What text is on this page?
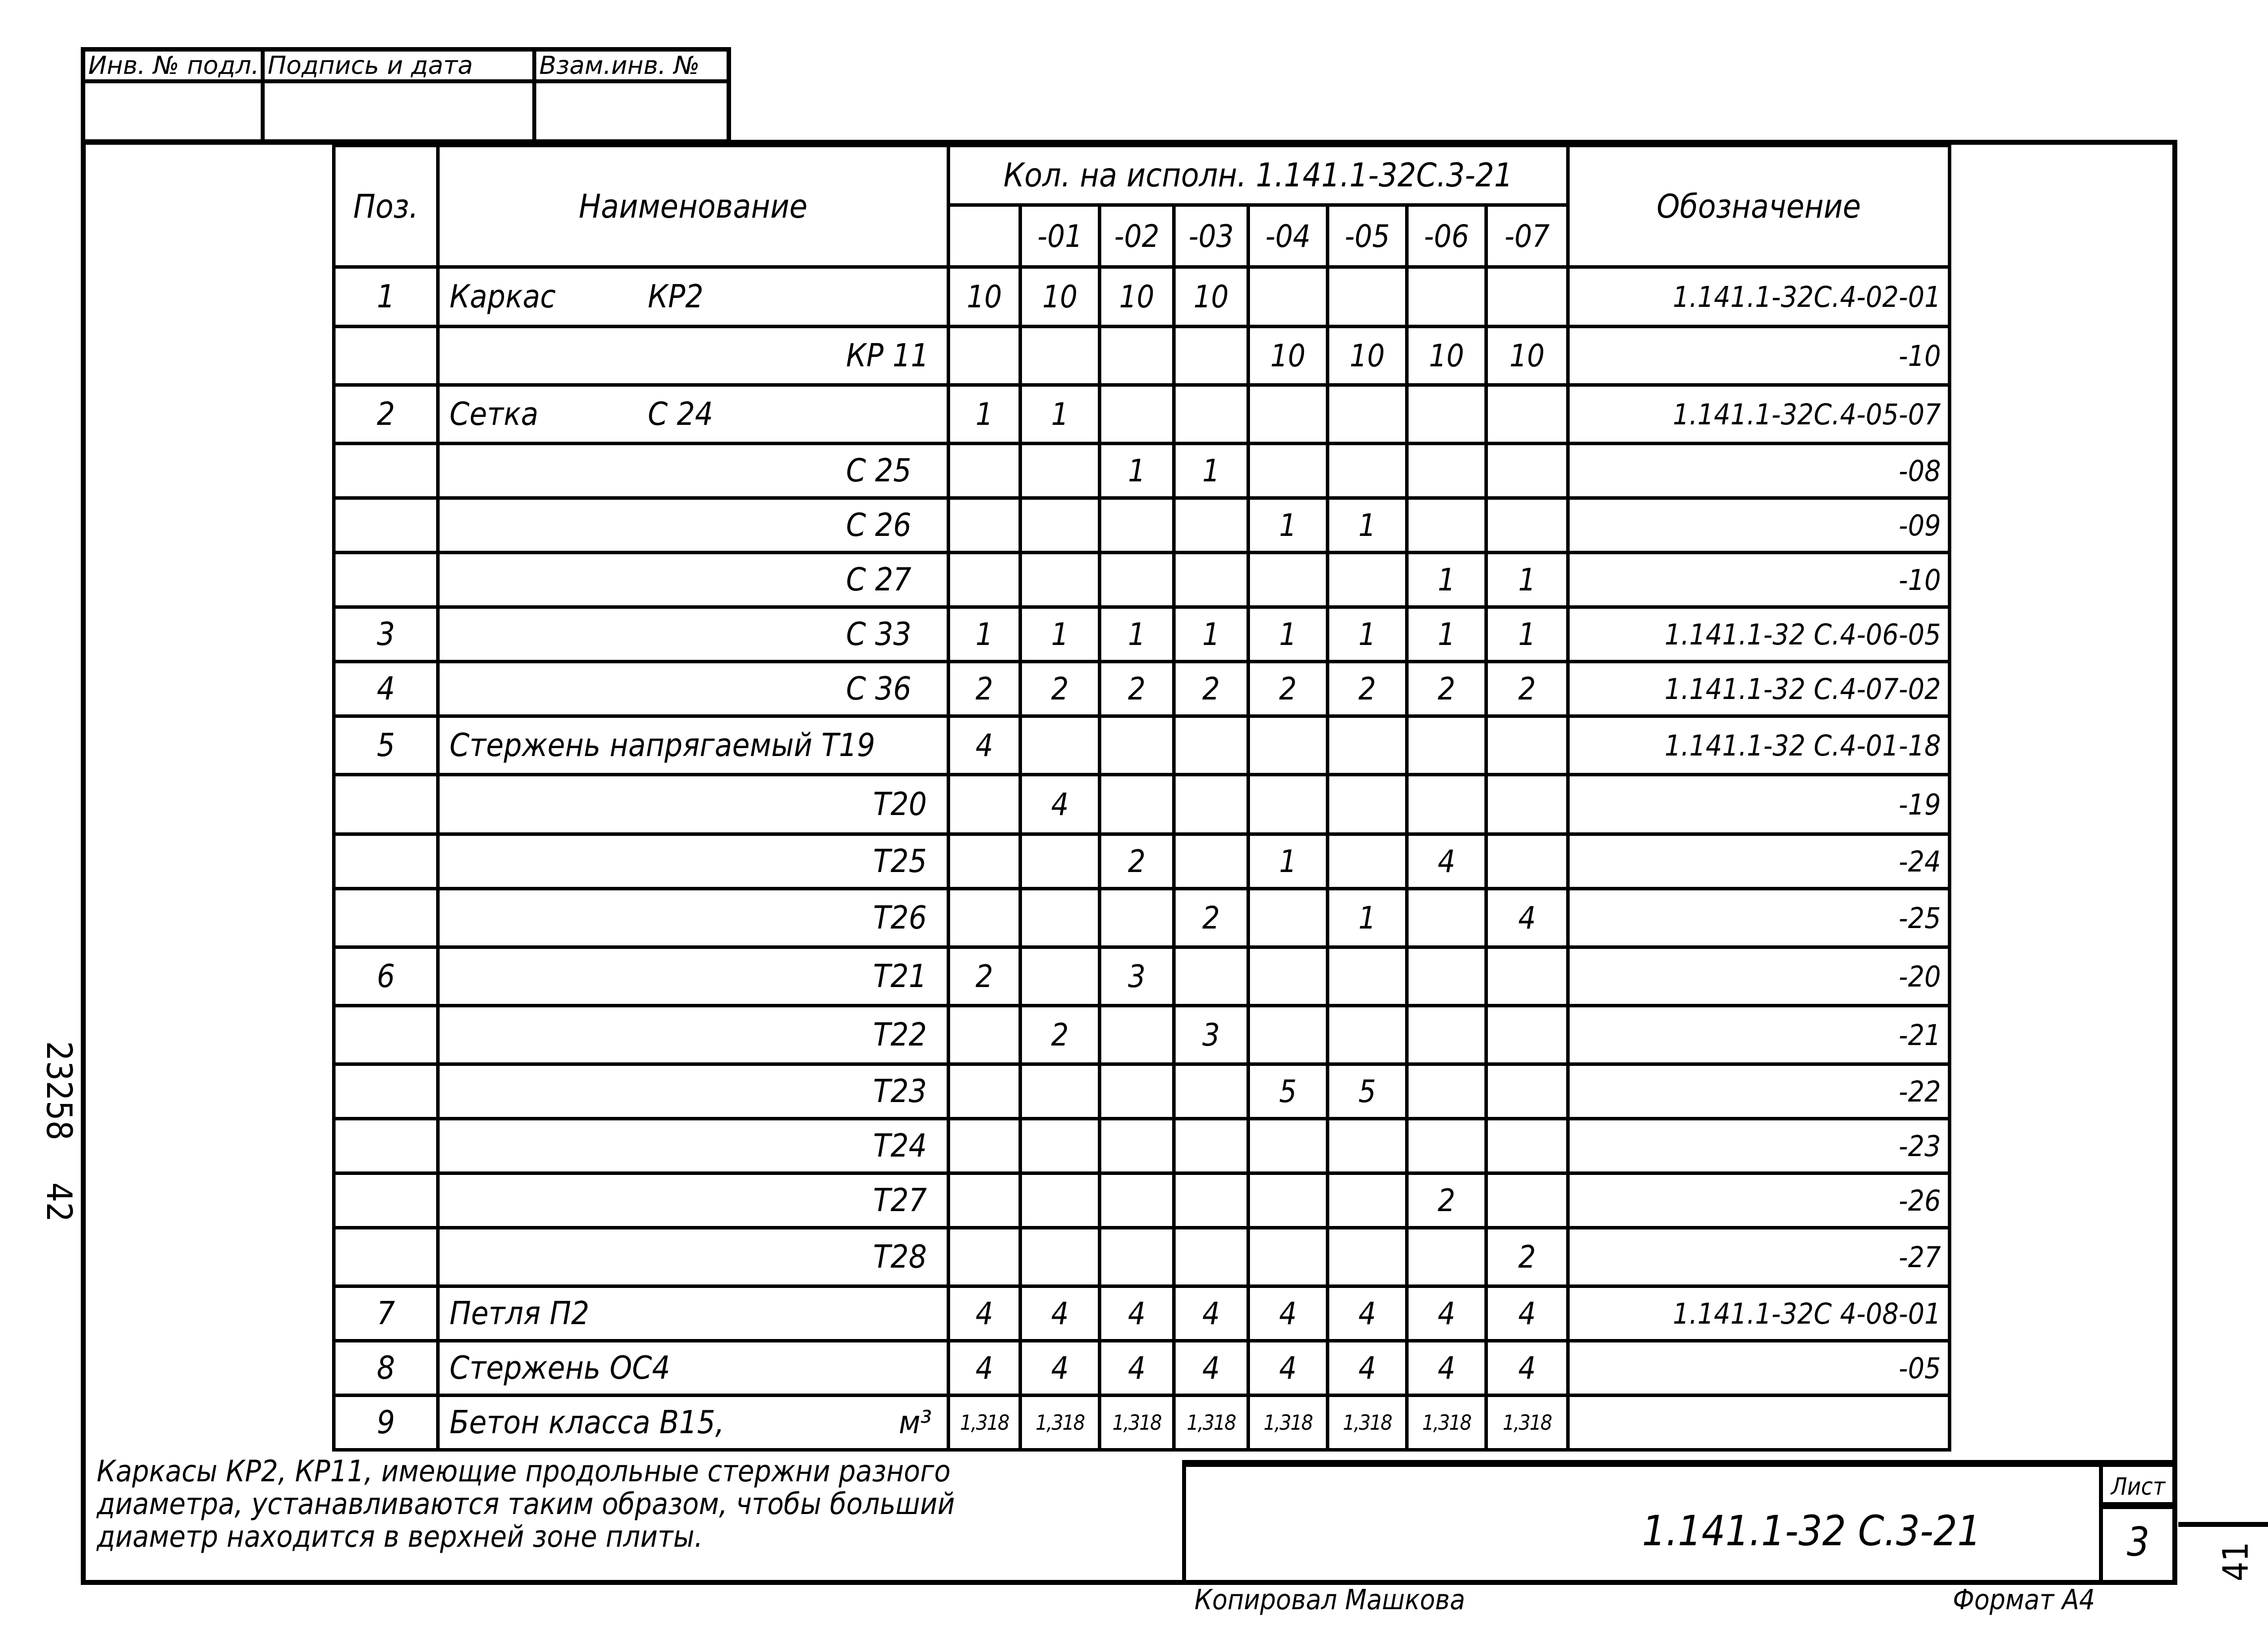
Инв. № подл. Подпись и дата	Взам.инв. №
Поз.	Наименование	Кол. на исполн. 1.141.1-32С.3-21								Обозначение
			-01	-02	-03	-04	-05	-06	-07	
1	Каркас КР2	10	10	10	10					1.141.1-32С.4-02-01

	КР 11					10	10	10	10	-10
2	Сетка С 24	1	1							1.141.1-32С.4-05-07

	С 25			1	1					-08

	С 26					1	1			-09

	С 27							1	1	-10
3	С 33	1	1	1	1	1	1	1	1	1.141.1-32 С.4-06-05
4	С 36	2	2	2	2	2	2	2	2	1.141.1-32 С.4-07-02
5	Стержень напрягаемый Т19	4								1.141.1-32 С.4-01-18
	Т20		4							-19
	Т25			2		1		4		-24
	Т26				2		1		4	-25
6	Т21	2		3						-20
	Т22		2		3					-21
	Т23					5	5			-22
	Т24									-23
	Т27							2		-26
	Т28								2	-27
7	Петля П2	4	4	4	4	4	4	4	4	1.141.1-32С 4-08-01
8	Стержень ОС4	4	4	4	4	4	4	4	4	-05
9	Бетон класса В15, м³	1,318	1,318	1,318	1,318	1,318	1,318	1,318	1,318	
Каркасы КР2, КР11, имеющие продольные стержни разного
диаметра, устанавливаются таким образом, чтобы больший
диаметр находится в верхней зоне плиты.	1.141.1-32 С.3-21
Лист
3
Копировал Машкова	Формат А4
23258
42
41
